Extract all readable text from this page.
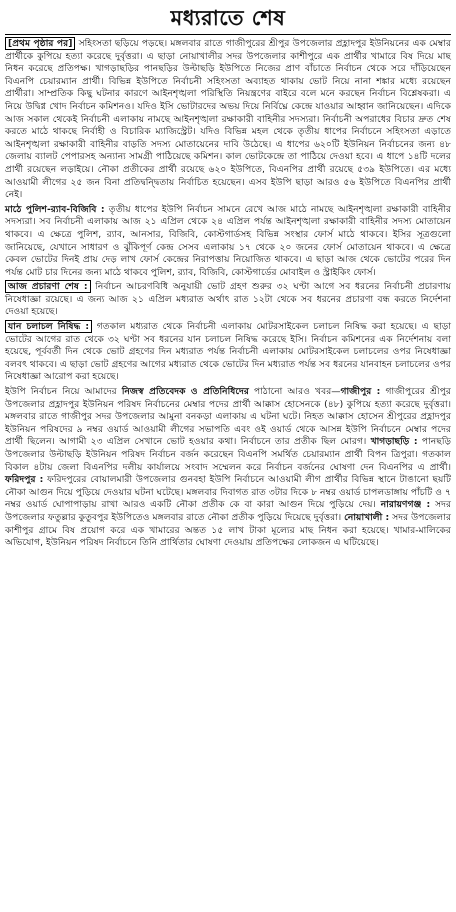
মধ্যরাতে শেষ

[প্রথম পৃষ্ঠার পর] সহিংসতা ছড়িয়ে পড়ছে। মঙ্গলবার রাতে গাজীপুরের শ্রীপুর উপজেলার প্রহ্লাদপুর ইউনিয়নের এক মেম্বার প্রার্থীকে কুপিয়ে হত্যা করেছে দুর্বৃত্তরা। এ ছাড়া নোয়াখালীর সদর উপজেলার কাশীপুরে এক প্রার্থীর খামারে বিষ দিয়ে মাছ নিধন করেছে প্রতিপক্ষ। খাগড়াছড়ির পানছড়ির উল্টাছড়ি ইউপিতে নিজের প্রাণ বাঁচাতে নির্বাচন থেকে সরে দাঁড়িয়েছেন বিএনপি চেয়ারম্যান প্রার্থী। বিভিন্ন ইউপিতে নির্বাচনী সহিংসতা অব্যাহত থাকায় ভোট নিয়ে নানা শঙ্কার মধ্যে রয়েছেন প্রার্থীরা। সাম্প্রতিক কিছু ঘটনার কারণে আইনশৃঙ্খলা পরিস্থিতি নিয়ন্ত্রণের বাইরে বলে মনে করছেন নির্বাচন বিশ্লেষকরা। এ নিয়ে উদ্বিগ্ন খোদ নির্বাচন কমিশনও। যদিও ইসি ভোটারদের অভয় দিয়ে নির্বিঘ্নে কেন্দ্রে যাওয়ার আহ্বান জানিয়েছেন। এদিকে আজ সকাল থেকেই নির্বাচনী এলাকায় নামছে আইনশৃঙ্খলা রক্ষাকারী বাহিনীর সদস্যরা। নির্বাচনী অপরাধের বিচার দ্রুত শেষ করতে মাঠে থাকছে নির্বাহী ও বিচারিক ম্যাজিস্ট্রেট। যদিও বিভিন্ন মহল থেকে তৃতীয় ধাপের নির্বাচনে সহিংসতা এড়াতে আইনশৃঙ্খলা রক্ষাকারী বাহিনীর বাড়তি সদস্য মোতায়েনের দাবি উঠেছে। এ ধাপের ৬২০টি ইউনিয়ন নির্বাচনের জন্য ৪৮ জেলায় ব্যালট পেপারসহ অন্যান্য সামগ্রী পাঠিয়েছে কমিশন। কাল ভোটকেন্দ্রে তা পাঠিয়ে দেওয়া হবে। এ ধাপে ১৪টি দলের প্রার্থী রয়েছেন লড়াইয়ে। নৌকা প্রতীকের প্রার্থী রয়েছে ৬২০ ইউপিতে, বিএনপির প্রার্থী রয়েছে ৫৩৯ ইউপিতে। এর মধ্যে আওয়ামী লীগের ২৫ জন বিনা প্রতিদ্বন্দ্বিতায় নির্বাচিত হয়েছেন। এসব ইউপি ছাড়া আরও ৫৬ ইউপিতে বিএনপির প্রার্থী নেই।

মাঠে পুলিশ-র‌্যাব-বিজিবি : তৃতীয় ধাপের ইউপি নির্বাচন সামনে রেখে আজ মাঠে নামছে আইনশৃঙ্খলা রক্ষাকারী বাহিনীর সদস্যরা। সব নির্বাচনী এলাকায় আজ ২১ এপ্রিল থেকে ২৪ এপ্রিল পর্যন্ত আইনশৃঙ্খলা রক্ষাকারী বাহিনীর সদস্য মোতায়েন থাকবে। এ ক্ষেত্রে পুলিশ, র‌্যাব, আনসার, বিজিবি, কোস্টগার্ডসহ বিভিন্ন সংস্থার ফোর্স মাঠে থাকবে। ইসির সূত্রগুলো জানিয়েছে, যেখানে সাধারণ ও ঝুঁকিপূর্ণ কেন্দ্র সেসব এলাকায় ১৭ থেকে ২০ জনের ফোর্স মোতায়েন থাকবে। এ ক্ষেত্রে কেবল ভোটের দিনই প্রায় দেড় লাখ ফোর্স কেন্দ্রের নিরাপত্তায় নিয়োজিত থাকবে। এ ছাড়া আজ থেকে ভোটের পরের দিন পর্যন্ত মোট চার দিনের জন্য মাঠে থাকবে পুলিশ, র‌্যাব, বিজিবি, কোস্টগার্ডের মোবাইল ও স্ট্রাইকিং ফোর্স।

আজ প্রচারণা শেষ : নির্বাচন আচরণবিধি অনুযায়ী ভোট গ্রহণ শুরুর ৩২ ঘণ্টা আগে সব ধরনের নির্বাচনী প্রচারণায় নিষেধাজ্ঞা রয়েছে। এ জন্য আজ ২১ এপ্রিল মধ্যরাত অর্থাৎ রাত ১২টা থেকে সব ধরনের প্রচারণা বন্ধ করতে নির্দেশনা দেওয়া হয়েছে।

যান চলাচল নিষিদ্ধ : গতকাল মধ্যরাত থেকে নির্বাচনী এলাকায় মোটরসাইকেল চলাচল নিষিদ্ধ করা হয়েছে। এ ছাড়া ভোটের আগের রাত থেকে ৩২ ঘণ্টা সব ধরনের যান চলাচল নিষিদ্ধ করেছে ইসি। নির্বাচন কমিশনের এক নির্দেশনায় বলা হয়েছে, পূর্ববর্তী দিন থেকে ভোট গ্রহণের দিন মধ্যরাত পর্যন্ত নির্বাচনী এলাকায় মোটরসাইকেল চলাচলের ওপর নিষেধাজ্ঞা বলবৎ থাকবে। এ ছাড়া ভোট গ্রহণের আগের মধ্যরাত থেকে ভোটের দিন মধ্যরাত পর্যন্ত সব ধরনের যানবাহন চলাচলের ওপর নিষেধাজ্ঞা আরোপ করা হয়েছে।

ইউপি নির্বাচন নিয়ে আমাদের নিজস্ব প্রতিবেদক ও প্রতিনিধিদের পাঠানো আরও খবর—গাজীপুর : গাজীপুরের শ্রীপুর উপজেলার প্রহ্লাদপুর ইউনিয়ন পরিষদ নির্বাচনের মেম্বার পদের প্রার্থী আক্কাস হোসেনকে (৪৮) কুপিয়ে হত্যা করেছে দুর্বৃত্তরা। মঙ্গলবার রাতে গাজীপুর সদর উপজেলার আমুনা বনকড়া এলাকায় এ ঘটনা ঘটে। নিহত আক্কাস হোসেন শ্রীপুরের প্রহ্লাদপুর ইউনিয়ন পরিষদের ৯ নম্বর ওয়ার্ড আওয়ামী লীগের সভাপতি এবং ওই ওয়ার্ড থেকে আসন্ন ইউপি নির্বাচনে মেম্বার পদের প্রার্থী ছিলেন। আগামী ২৩ এপ্রিল সেখানে ভোট হওয়ার কথা। নির্বাচনে তার প্রতীক ছিল মোরগ। খাগড়াছড়ি : পানছড়ি উপজেলার উল্টাছড়ি ইউনিয়ন পরিষদ নির্বাচন বর্জন করেছেন বিএনপি সমর্থিত চেয়ারম্যান প্রার্থী বিপন ত্রিপুরা। গতকাল বিকাল ৪টায় জেলা বিএনপির দলীয় কার্যালয়ে সংবাদ সম্মেলন করে নির্বাচন বর্জনের ঘোষণা দেন বিএনপির এ প্রার্থী। ফরিদপুর : ফরিদপুরের বোয়ালমারী উপজেলার গুনবহা ইউপি নির্বাচনে আওয়ামী লীগ প্রার্থীর বিভিন্ন স্থানে টাঙানো ছয়টি নৌকা আগুন দিয়ে পুড়িয়ে দেওয়ার ঘটনা ঘটেছে। মঙ্গলবার দিবাগত রাত ৩টার দিকে ৮ নম্বর ওয়ার্ড চাপলডাঙ্গায় পাঁচটি ও ৭ নম্বর ওয়ার্ড ঘোপাপাড়ায় রাখা আরও একটি নৌকা প্রতীক কে বা কারা আগুন দিয়ে পুড়িয়ে দেয়। নারায়ণগঞ্জ : সদর উপজেলার ফতুল্লার কুতুবপুর ইউপিতেও মঙ্গলবার রাতে নৌকা প্রতীক পুড়িয়ে দিয়েছে দুর্বৃত্তরা। নোয়াখালী : সদর উপজেলার কাশীপুর গ্রামে বিষ প্রয়োগ করে এক খামারের অন্তত ১৫ লাখ টাকা মূল্যের মাছ নিধন করা হয়েছে। খামার-মালিকের অভিযোগ, ইউনিয়ন পরিষদ নির্বাচনে তিনি প্রার্থিতার ঘোষণা দেওয়ায় প্রতিপক্ষের লোকজন এ ঘটিয়েছে।
